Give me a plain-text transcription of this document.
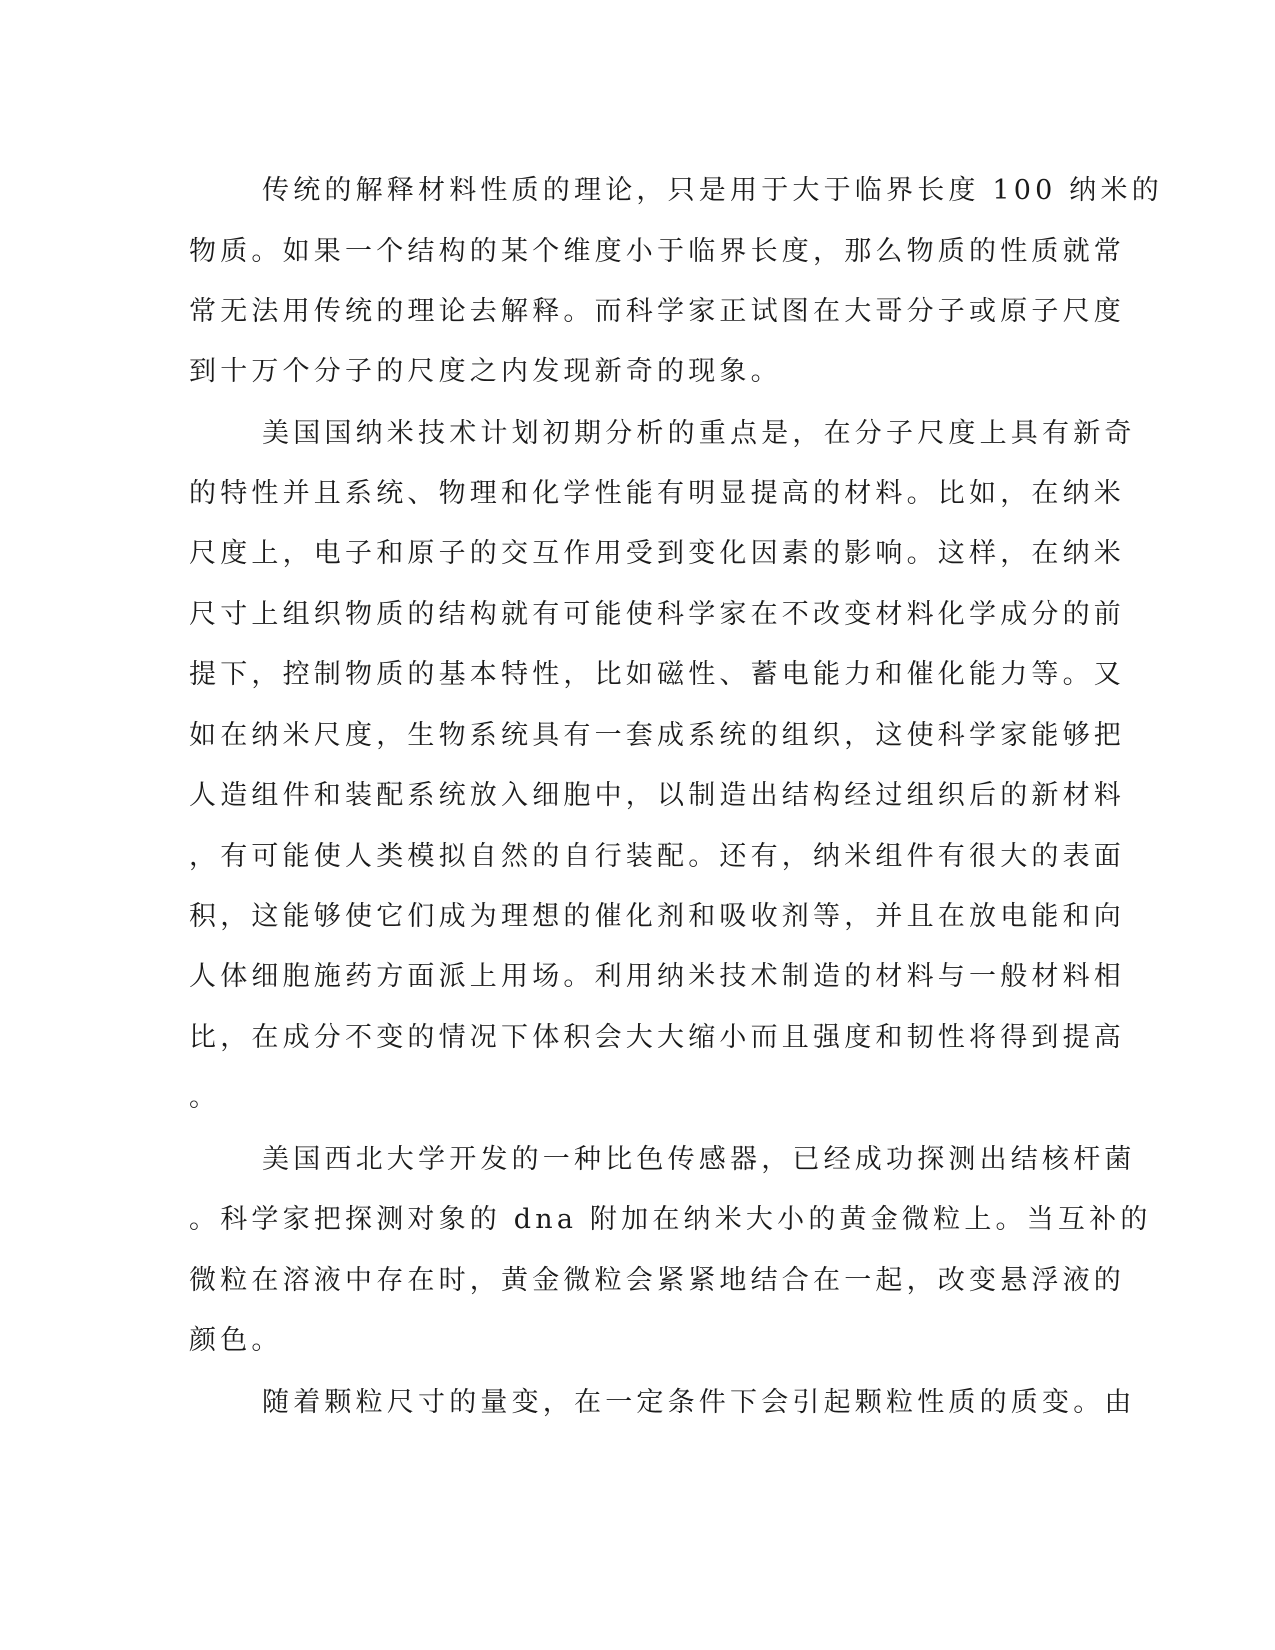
传统的解释材料性质的理论，只是用于大于临界长度 100 纳米的

物质。如果一个结构的某个维度小于临界长度，那么物质的性质就常

常无法用传统的理论去解释。而科学家正试图在大哥分子或原子尺度

到十万个分子的尺度之内发现新奇的现象。

美国国纳米技术计划初期分析的重点是，在分子尺度上具有新奇

的特性并且系统、物理和化学性能有明显提高的材料。比如，在纳米

尺度上，电子和原子的交互作用受到变化因素的影响。这样，在纳米

尺寸上组织物质的结构就有可能使科学家在不改变材料化学成分的前

提下，控制物质的基本特性，比如磁性、蓄电能力和催化能力等。又

如在纳米尺度，生物系统具有一套成系统的组织，这使科学家能够把

人造组件和装配系统放入细胞中，以制造出结构经过组织后的新材料

，有可能使人类模拟自然的自行装配。还有，纳米组件有很大的表面

积，这能够使它们成为理想的催化剂和吸收剂等，并且在放电能和向

人体细胞施药方面派上用场。利用纳米技术制造的材料与一般材料相

比，在成分不变的情况下体积会大大缩小而且强度和韧性将得到提高

。

美国西北大学开发的一种比色传感器，已经成功探测出结核杆菌

。科学家把探测对象的 dna 附加在纳米大小的黄金微粒上。当互补的

微粒在溶液中存在时，黄金微粒会紧紧地结合在一起，改变悬浮液的

颜色。

随着颗粒尺寸的量变，在一定条件下会引起颗粒性质的质变。由
